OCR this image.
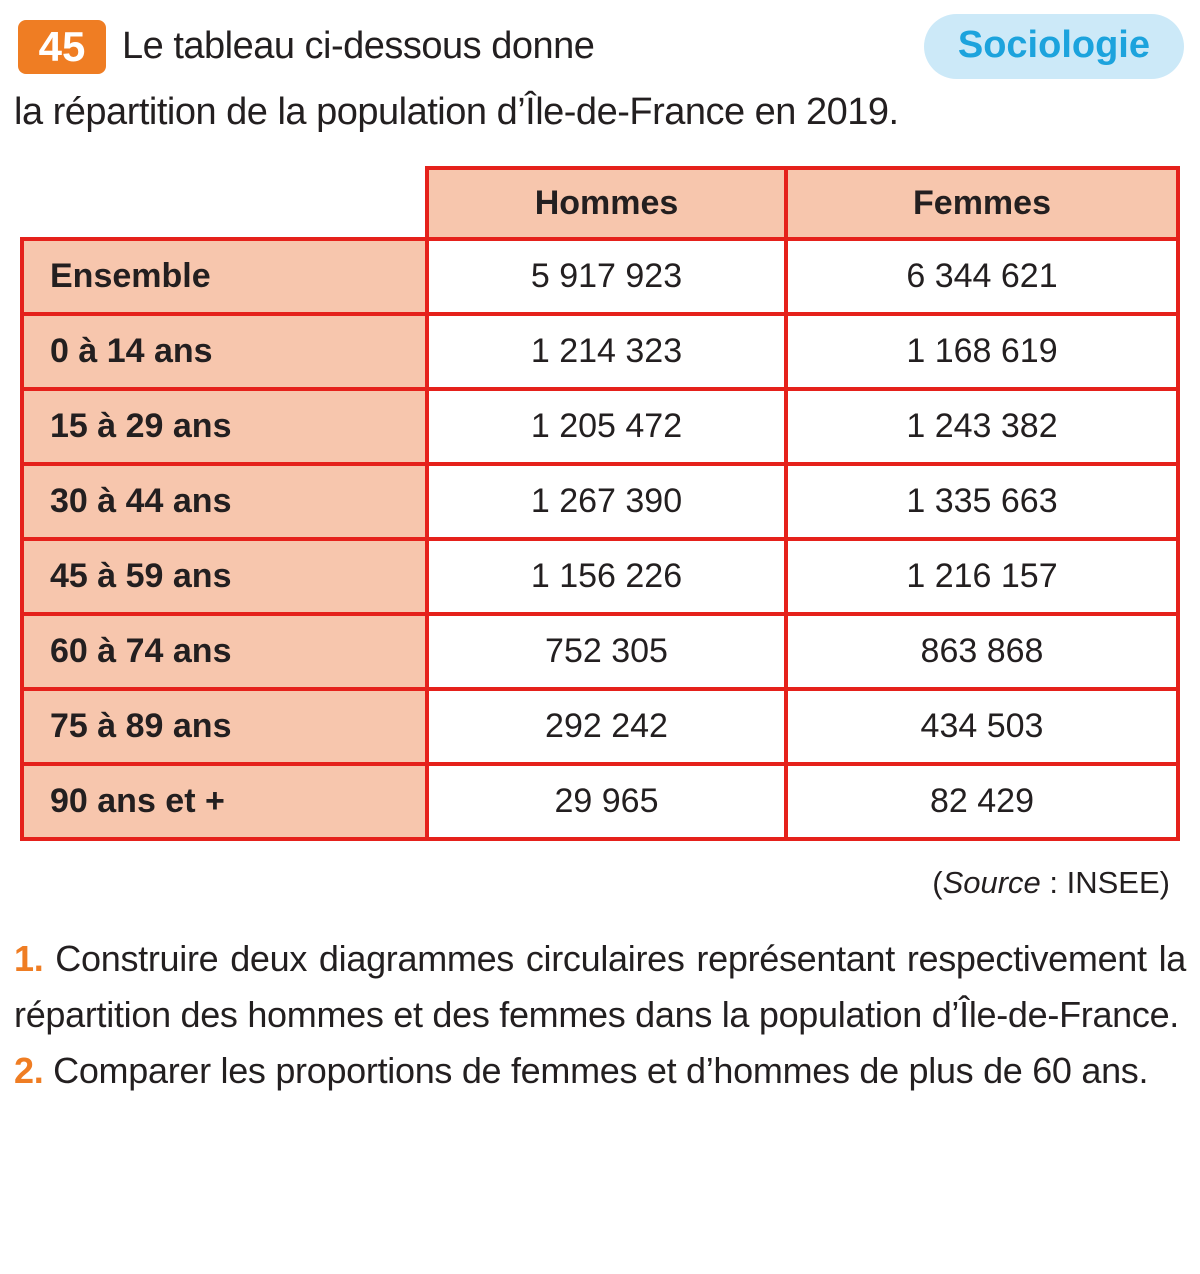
45 Le tableau ci-dessous donne	Sociologie
la répartition de la population d’Île-de-France en 2019.
	Hommes	Femmes
Ensemble	5 917 923	6 344 621
0 à 14 ans	1 214 323	1 168 619
15 à 29 ans	1 205 472	1 243 382
30 à 44 ans	1 267 390	1 335 663
45 à 59 ans	1 156 226	1 216 157
60 à 74 ans	752 305	863 868
75 à 89 ans	292 242	434 503
90 ans et +	29 965	82 429
(Source : INSEE)

1. Construire deux diagrammes circulaires représentant respectivement la répartition des hommes et des femmes dans la population d’Île-de-France.

2. Comparer les proportions de femmes et d’hommes de plus de 60 ans.
